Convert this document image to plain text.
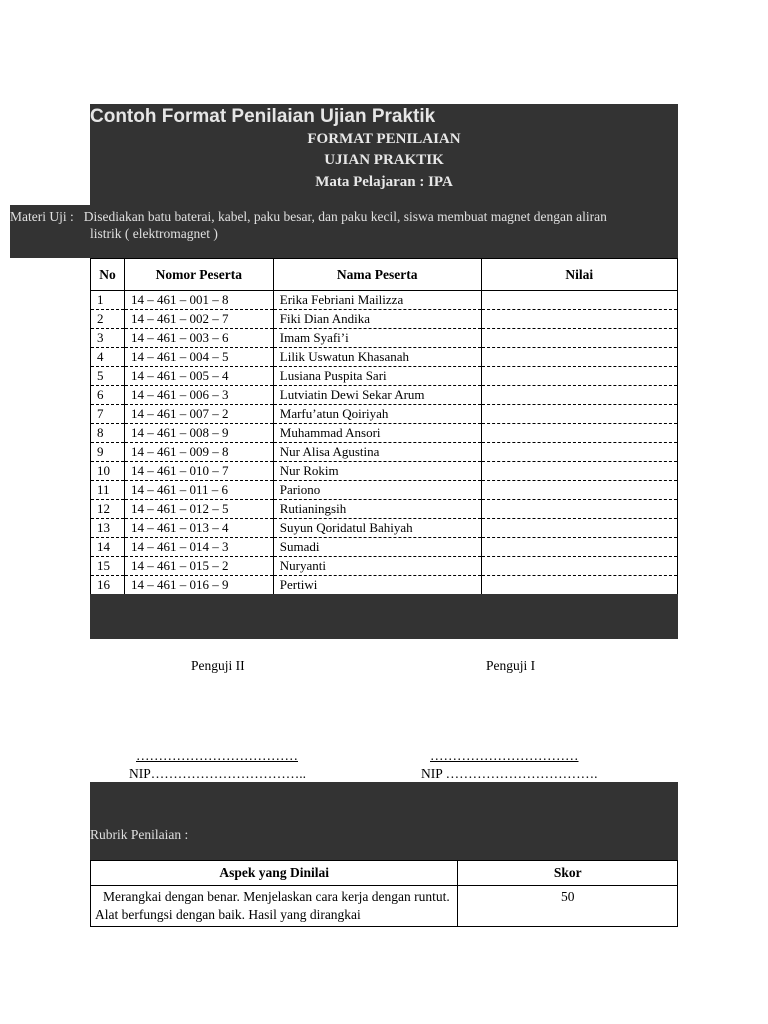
Contoh Format Penilaian Ujian Praktik
FORMAT PENILAIAN
UJIAN PRAKTIK
Mata Pelajaran : IPA
Materi Uji : Disediakan batu baterai, kabel, paku besar, dan paku kecil, siswa membuat magnet dengan aliran
listrik ( elektromagnet )
No	Nomor Peserta	Nama Peserta	Nilai
1	14 – 461 – 001 – 8	Erika Febriani Mailizza	
2	14 – 461 – 002 – 7	Fiki Dian Andika	
3	14 – 461 – 003 – 6	Imam Syafi’i	
4	14 – 461 – 004 – 5	Lilik Uswatun Khasanah	
5	14 – 461 – 005 – 4	Lusiana Puspita Sari	
6	14 – 461 – 006 – 3	Lutviatin Dewi Sekar Arum	
7	14 – 461 – 007 – 2	Marfu’atun Qoiriyah	
8	14 – 461 – 008 – 9	Muhammad Ansori	
9	14 – 461 – 009 – 8	Nur Alisa Agustina	
10	14 – 461 – 010 – 7	Nur Rokim	
11	14 – 461 – 011 – 6	Pariono	
12	14 – 461 – 012 – 5	Rutianingsih	
13	14 – 461 – 013 – 4	Suyun Qoridatul Bahiyah	
14	14 – 461 – 014 – 3	Sumadi	
15	14 – 461 – 015 – 2	Nuryanti	
16	14 – 461 – 016 – 9	Pertiwi	
Penguji II	Penguji I
………………………………	……………………………
NIP……………………………..	NIP …………………………….
Rubrik Penilaian :
Aspek yang Dinilai	Skor
Merangkai dengan benar. Menjelaskan cara kerja dengan runtut. Alat berfungsi dengan baik. Hasil yang dirangkai	50
